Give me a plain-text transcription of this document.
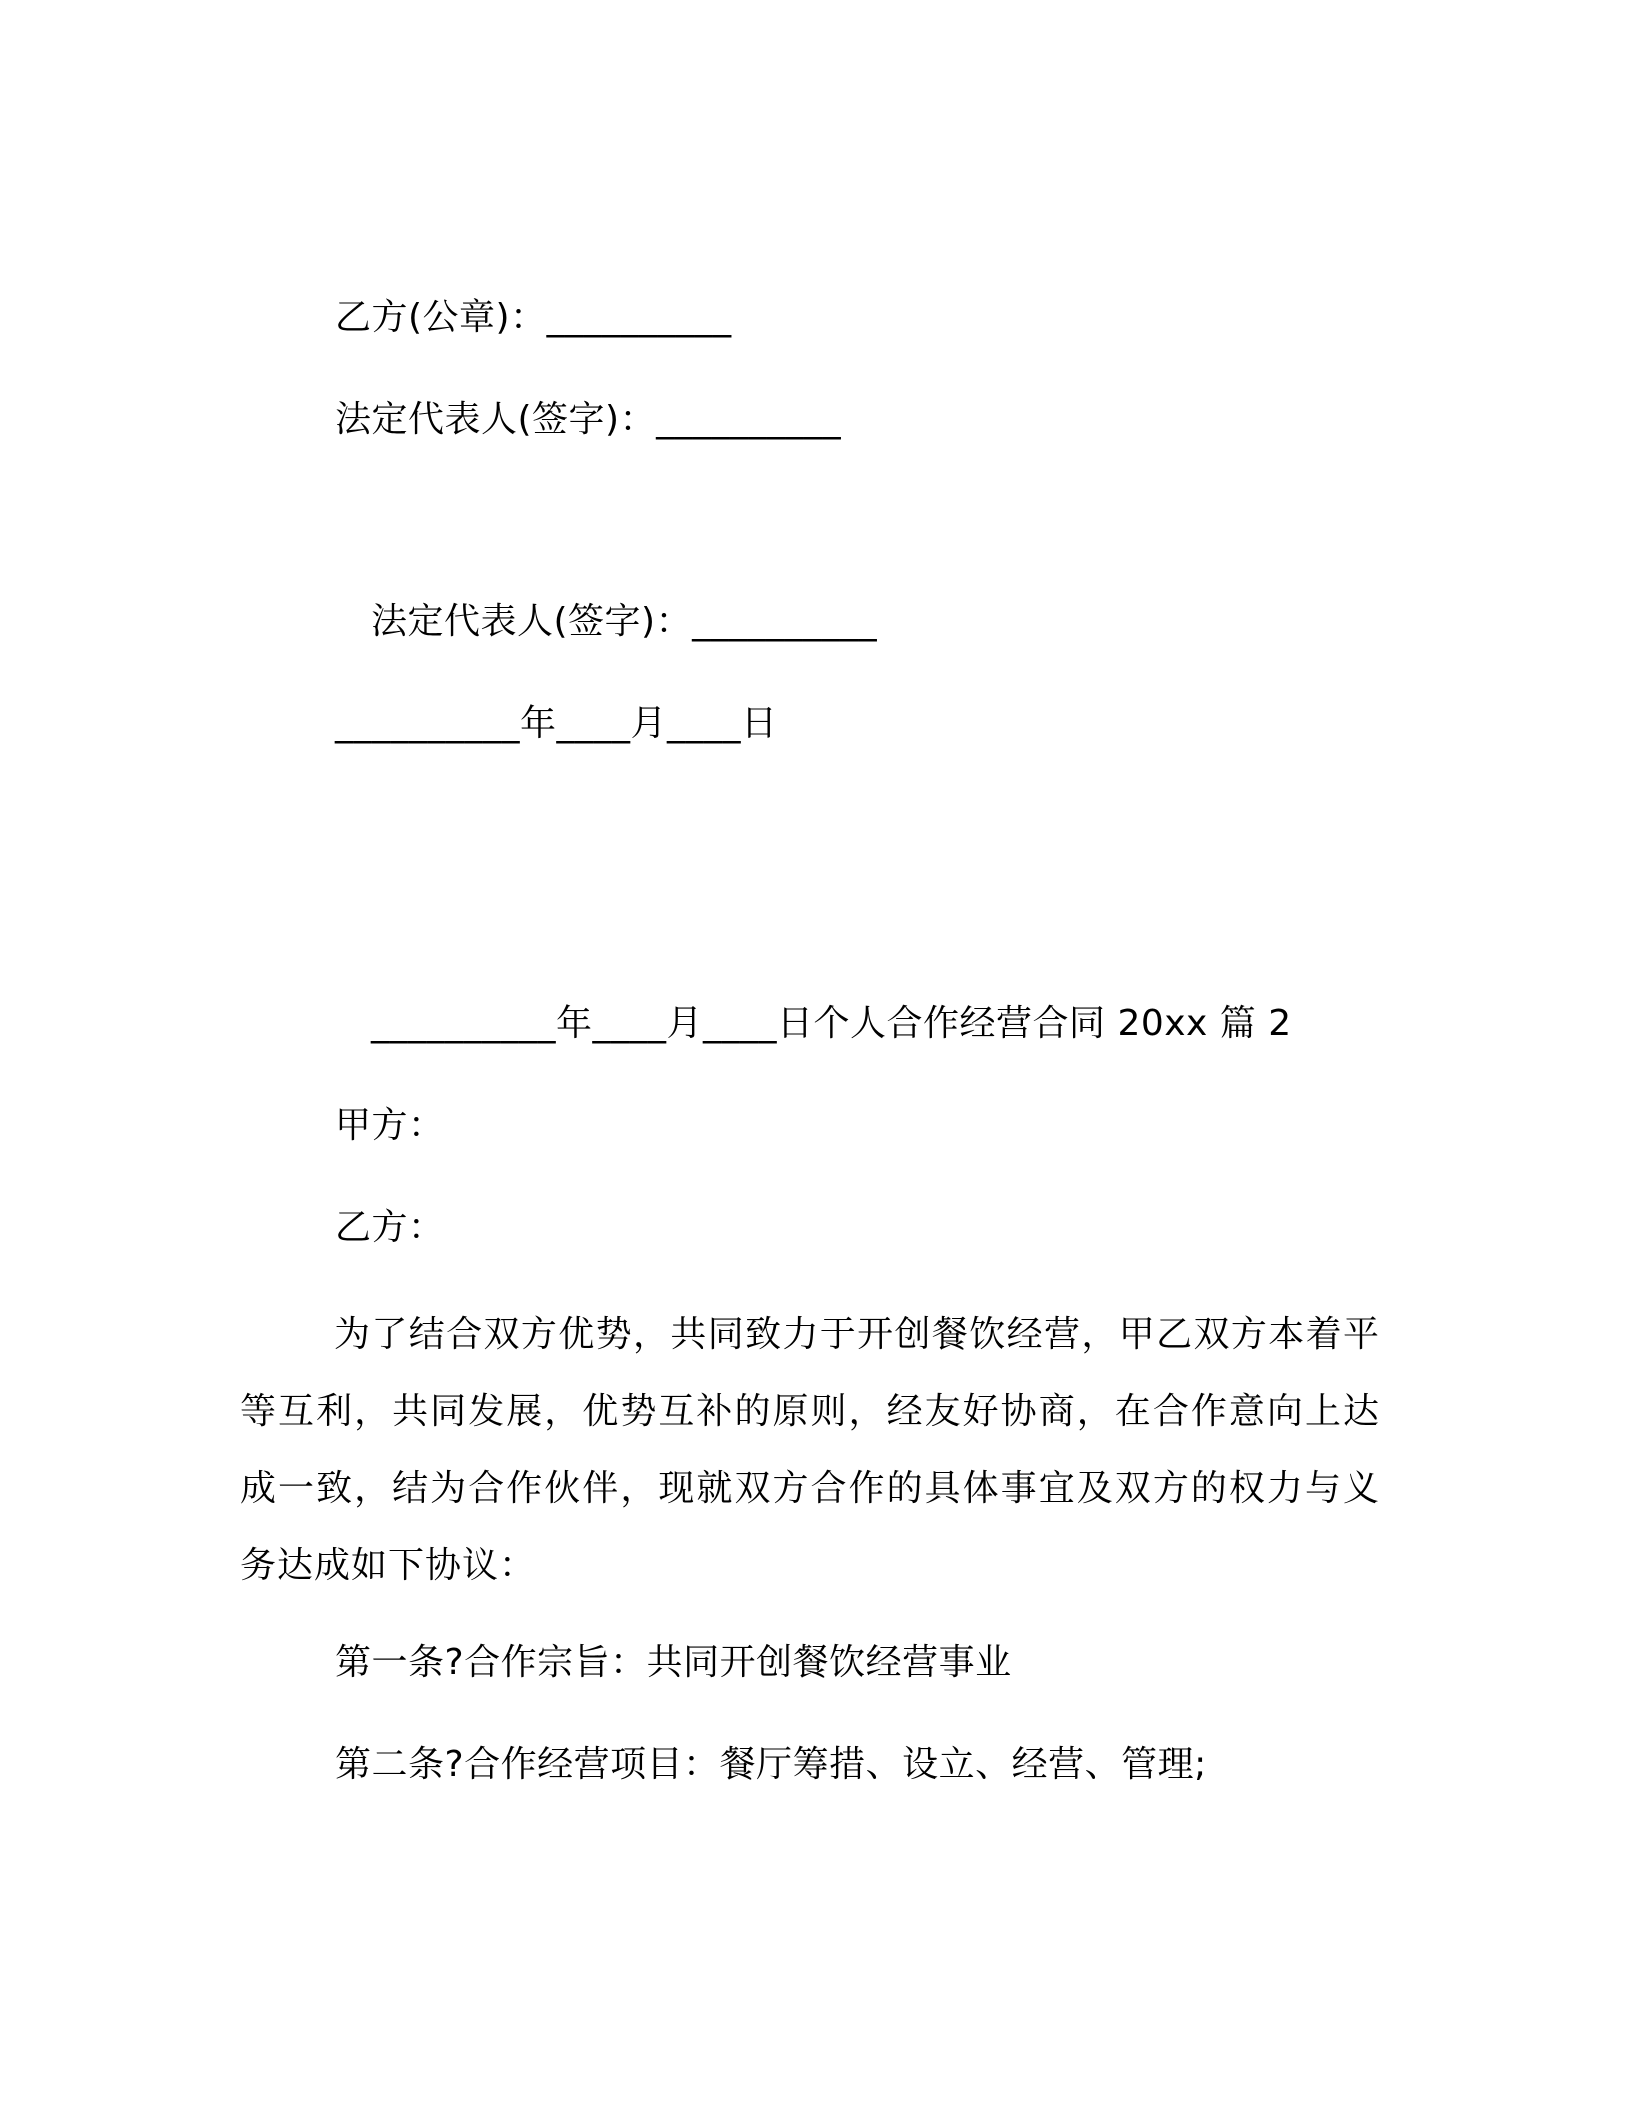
乙方(公章)：__________
法定代表人(签字)：__________
法定代表人(签字)：__________
__________年____月____日
__________年____月____日个人合作经营合同 20xx 篇 2
甲方：
乙方：
为了结合双方优势，共同致力于开创餐饮经营，甲乙双方本着平等互利，共同发展，优势互补的原则，经友好协商，在合作意向上达成一致，结为合作伙伴，现就双方合作的具体事宜及双方的权力与义务达成如下协议：
第一条?合作宗旨：共同开创餐饮经营事业
第二条?合作经营项目：餐厅筹措、设立、经营、管理;
